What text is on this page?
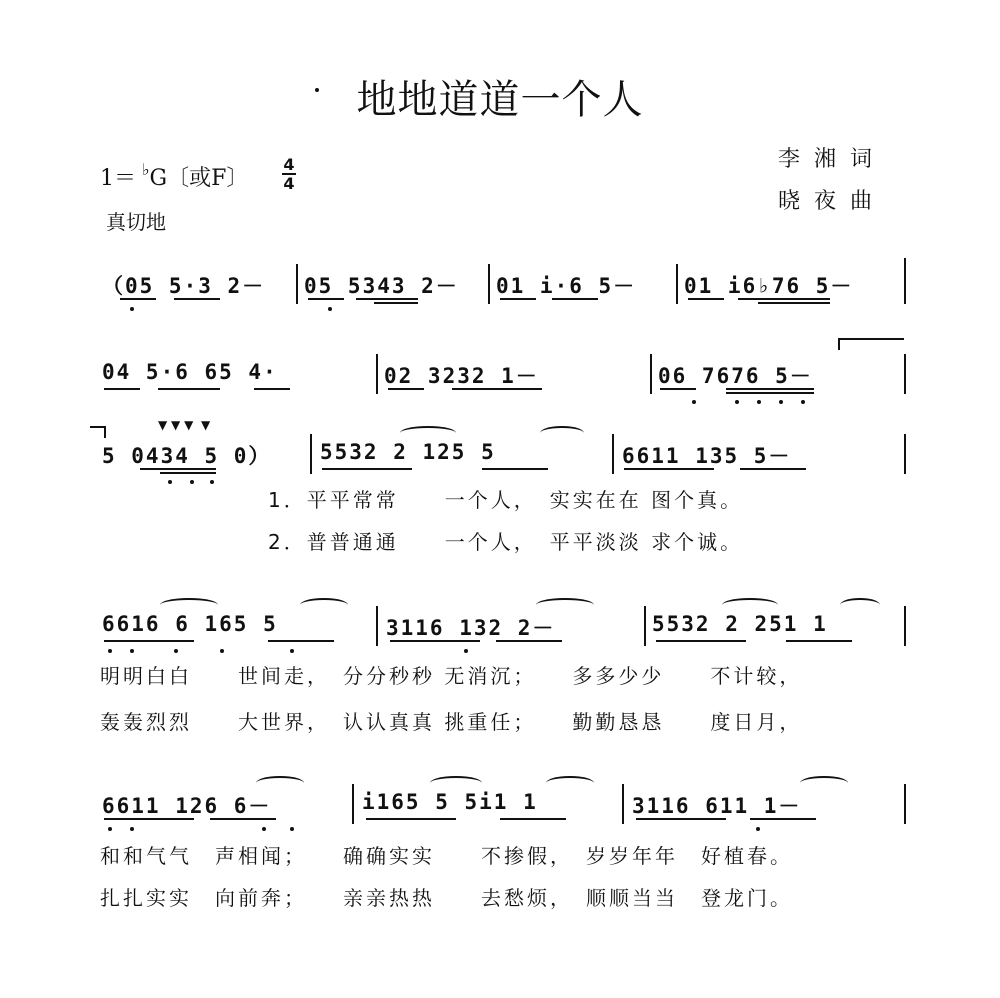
地地道道一个人
1＝ ♭G〔或F〕
4
4
真切地
李湘词
晓夜曲
（05 5·3 2－ 05 5343 2－ 01 i·6 5－ 01 i6♭76 5－
04 5·6 65 4·	02 3232 1－	06 7676 5－
▼ ▼ ▼  ▼
5 0434 5 0） 5532 2 125 5	6611 135 5－
1．平平常常　　一个人，　实实在在 图个真。
2．普普通通　　一个人，　平平淡淡 求个诚。
6616 6 165 5	3116 132 2－	5532 2 251 1
明明白白　　世间走，　分分秒秒 无消沉；　　多多少少　　不计较，
轰轰烈烈　　大世界，　认认真真 挑重任；　　勤勤恳恳　　度日月，
6611 126 6－	i165 5 5i1 1	3116 611 1－
和和气气　声相闻；　　确确实实　　不掺假，　岁岁年年　好植春。
扎扎实实　向前奔；　　亲亲热热　　去愁烦，　顺顺当当　登龙门。
